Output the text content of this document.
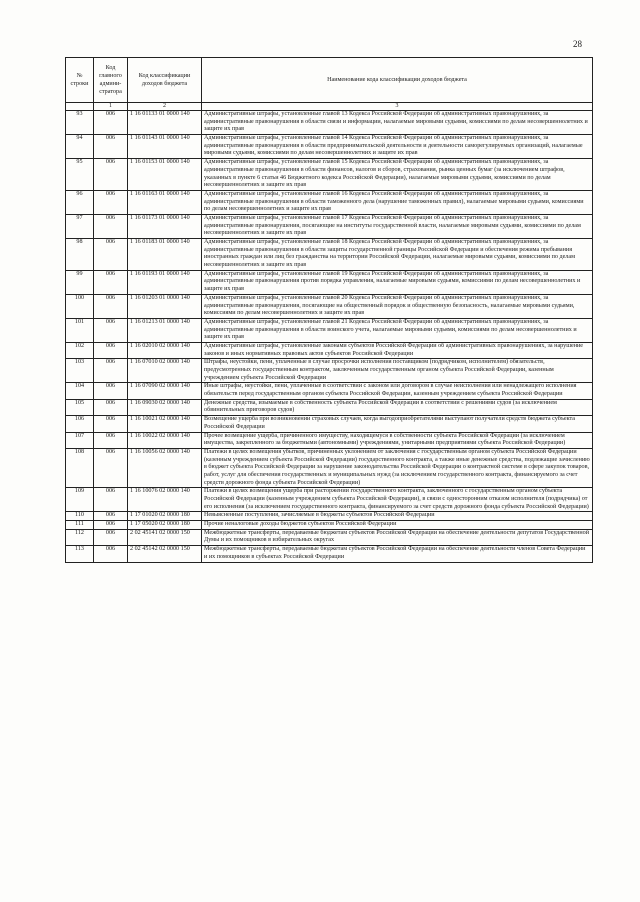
28
№ строки	Код главного админи-стратора	Код классификации доходов бюджета	Наименование кода классификации доходов бюджета
	1	2	3
93	006	1 16 01133 01 0000 140	Административные штрафы, установленные главой 13 Кодекса Российской Федерации об административных правонарушениях, за административные правонарушения в области связи и информации, налагаемые мировыми судьями, комиссиями по делам несовершеннолетних и защите их прав
94	006	1 16 01143 01 0000 140	Административные штрафы, установленные главой 14 Кодекса Российской Федерации об административных правонарушениях, за административные правонарушения в области предпринимательской деятельности и деятельности саморегулируемых организаций, налагаемые мировыми судьями, комиссиями по делам несовершеннолетних и защите их прав
95	006	1 16 01153 01 0000 140	Административные штрафы, установленные главой 15 Кодекса Российской Федерации об административных правонарушениях, за административные правонарушения в области финансов, налогов и сборов, страхования, рынка ценных бумаг (за исключением штрафов, указанных в пункте 6 статьи 46 Бюджетного кодекса Российской Федерации), налагаемые мировыми судьями, комиссиями по делам несовершеннолетних и защите их прав
96	006	1 16 01163 01 0000 140	Административные штрафы, установленные главой 16 Кодекса Российской Федерации об административных правонарушениях, за административные правонарушения в области таможенного дела (нарушение таможенных правил), налагаемые мировыми судьями, комиссиями по делам несовершеннолетних и защите их прав
97	006	1 16 01173 01 0000 140	Административные штрафы, установленные главой 17 Кодекса Российской Федерации об административных правонарушениях, за административные правонарушения, посягающие на институты государственной власти, налагаемые мировыми судьями, комиссиями по делам несовершеннолетних и защите их прав
98	006	1 16 01183 01 0000 140	Административные штрафы, установленные главой 18 Кодекса Российской Федерации об административных правонарушениях, за административные правонарушения в области защиты государственной границы Российской Федерации и обеспечения режима пребывания иностранных граждан или лиц без гражданства на территории Российской Федерации, налагаемые мировыми судьями, комиссиями по делам несовершеннолетних и защите их прав
99	006	1 16 01193 01 0000 140	Административные штрафы, установленные главой 19 Кодекса Российской Федерации об административных правонарушениях, за административные правонарушения против порядка управления, налагаемые мировыми судьями, комиссиями по делам несовершеннолетних и защите их прав
100	006	1 16 01203 01 0000 140	Административные штрафы, установленные главой 20 Кодекса Российской Федерации об административных правонарушениях, за административные правонарушения, посягающие на общественный порядок и общественную безопасность, налагаемые мировыми судьями, комиссиями по делам несовершеннолетних и защите их прав
101	006	1 16 01213 01 0000 140	Административные штрафы, установленные главой 21 Кодекса Российской Федерации об административных правонарушениях, за административные правонарушения в области воинского учета, налагаемые мировыми судьями, комиссиями по делам несовершеннолетних и защите их прав
102	006	1 16 02010 02 0000 140	Административные штрафы, установленные законами субъектов Российской Федерации об административных правонарушениях, за нарушение законов и иных нормативных правовых актов субъектов Российской Федерации
103	006	1 16 07010 02 0000 140	Штрафы, неустойки, пени, уплаченные в случае просрочки исполнения поставщиком (подрядчиком, исполнителем) обязательств, предусмотренных государственным контрактом, заключенным государственным органом субъекта Российской Федерации, казенным учреждением субъекта Российской Федерации
104	006	1 16 07090 02 0000 140	Иные штрафы, неустойки, пени, уплаченные в соответствии с законом или договором в случае неисполнения или ненадлежащего исполнения обязательств перед государственным органом субъекта Российской Федерации, казенным учреждением субъекта Российской Федерации
105	006	1 16 09030 02 0000 140	Денежные средства, изымаемые в собственность субъекта Российской Федерации в соответствии с решениями судов (за исключением обвинительных приговоров судов)
106	006	1 16 10021 02 0000 140	Возмещение ущерба при возникновении страховых случаев, когда выгодоприобретателями выступают получатели средств бюджета субъекта Российской Федерации
107	006	1 16 10022 02 0000 140	Прочее возмещение ущерба, причиненного имуществу, находящемуся в собственности субъекта Российской Федерации (за исключением имущества, закрепленного за бюджетными (автономными) учреждениями, унитарными предприятиями субъекта Российской Федерации)
108	006	1 16 10056 02 0000 140	Платежи в целях возмещения убытков, причиненных уклонением от заключения с государственным органом субъекта Российской Федерации (казенным учреждением субъекта Российской Федерации) государственного контракта, а также иные денежные средства, подлежащие зачислению в бюджет субъекта Российской Федерации за нарушение законодательства Российской Федерации о контрактной системе в сфере закупок товаров, работ, услуг для обеспечения государственных и муниципальных нужд (за исключением государственного контракта, финансируемого за счет средств дорожного фонда субъекта Российской Федерации)
109	006	1 16 10076 02 0000 140	Платежи в целях возмещения ущерба при расторжении государственного контракта, заключенного с государственным органом субъекта Российской Федерации (казенным учреждением субъекта Российской Федерации), в связи с односторонним отказом исполнителя (подрядчика) от его исполнения (за исключением государственного контракта, финансируемого за счет средств дорожного фонда субъекта Российской Федерации)
110	006	1 17 01020 02 0000 180	Невыясненные поступления, зачисляемые в бюджеты субъектов Российской Федерации
111	006	1 17 05020 02 0000 180	Прочие неналоговые доходы бюджетов субъектов Российской Федерации
112	006	2 02 45141 02 0000 150	Межбюджетные трансферты, передаваемые бюджетам субъектов Российской Федерации на обеспечение деятельности депутатов Государственной Думы и их помощников в избирательных округах
113	006	2 02 45142 02 0000 150	Межбюджетные трансферты, передаваемые бюджетам субъектов Российской Федерации на обеспечение деятельности членов Совета Федерации и их помощников в субъектах Российской Федерации
